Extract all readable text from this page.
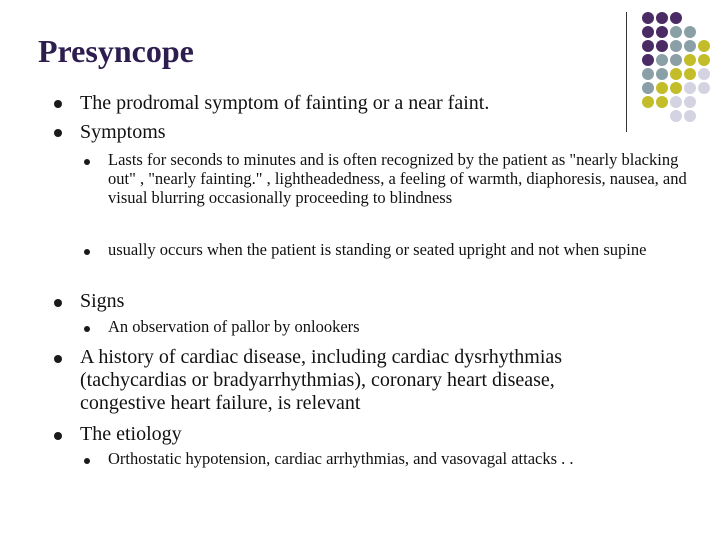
Presyncope
The prodromal symptom of fainting or a near faint.
Symptoms
Lasts for seconds to minutes and is often recognized by the patient as "nearly blacking out" , "nearly fainting." , lightheadedness, a feeling of warmth, diaphoresis, nausea, and visual blurring occasionally proceeding to blindness
usually occurs when the patient is standing or seated upright and not when supine
Signs
An observation of pallor by onlookers
A history of cardiac disease, including cardiac dysrhythmias (tachycardias or bradyarrhythmias), coronary heart disease, congestive heart failure, is relevant
The etiology
Orthostatic hypotension, cardiac arrhythmias, and vasovagal attacks . .
